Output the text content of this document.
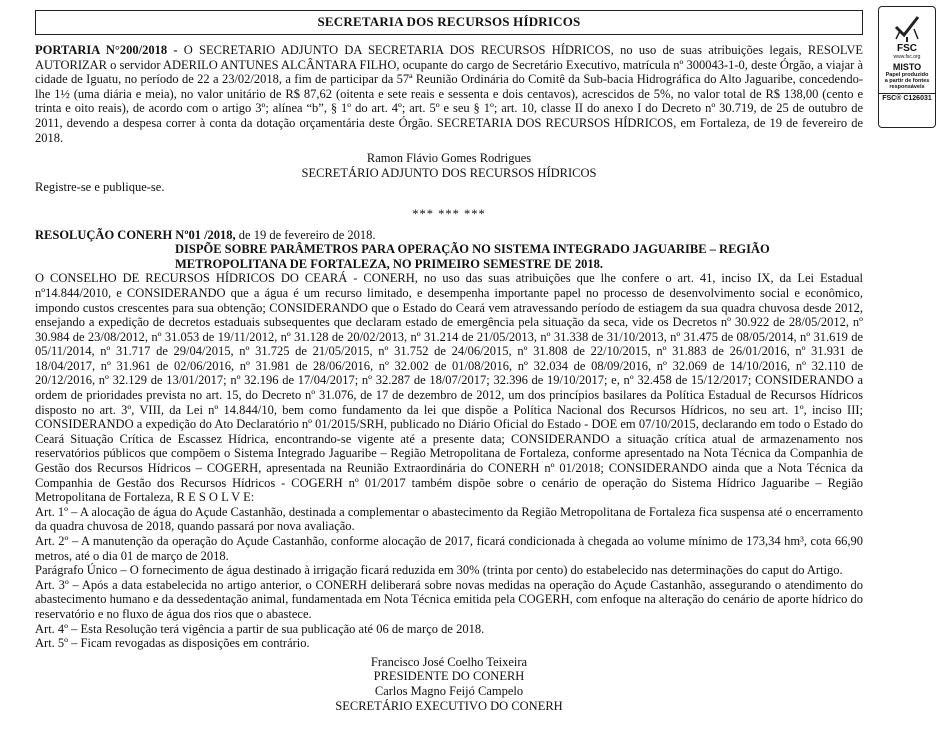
FSC
www.fsc.org
MISTO
Papel produzido
a partir de fontes
responsáveis
FSC® C126031
SECRETARIA DOS RECURSOS HÍDRICOS

PORTARIA N°200/2018 - O SECRETARIO ADJUNTO DA SECRETARIA DOS RECURSOS HÍDRICOS, no uso de suas atribuições legais, RESOLVE AUTORIZAR o servidor ADERILO ANTUNES ALCÂNTARA FILHO, ocupante do cargo de Secretário Executivo, matrícula nº 300043-1-0, deste Órgão, a viajar à cidade de Iguatu, no período de 22 a 23/02/2018, a fim de participar da 57ª Reunião Ordinária do Comitê da Sub-bacia Hidrográfica do Alto Jaguaribe, concedendo-lhe 1½ (uma diária e meia), no valor unitário de R$ 87,62 (oitenta e sete reais e sessenta e dois centavos), acrescidos de 5%, no valor total de R$ 138,00 (cento e trinta e oito reais), de acordo com o artigo 3º; alínea “b”, § 1º do art. 4º; art. 5º e seu § 1º; art. 10, classe II do anexo I do Decreto nº 30.719, de 25 de outubro de 2011, devendo a despesa correr à conta da dotação orçamentária deste Órgão. SECRETARIA DOS RECURSOS HÍDRICOS, em Fortaleza, de 19 de fevereiro de 2018.

Ramon Flávio Gomes Rodrigues

SECRETÁRIO ADJUNTO DOS RECURSOS HÍDRICOS

Registre-se e publique-se.

*** *** ***

RESOLUÇÃO CONERH Nº01 /2018, de 19 de fevereiro de 2018.

DISPÕE SOBRE PARÂMETROS PARA OPERAÇÃO NO SISTEMA INTEGRADO JAGUARIBE – REGIÃO

METROPOLITANA DE FORTALEZA, NO PRIMEIRO SEMESTRE DE 2018.

O CONSELHO DE RECURSOS HÍDRICOS DO CEARÁ - CONERH, no uso das suas atribuições que lhe confere o art. 41, inciso IX, da Lei Estadual nº14.844/2010, e CONSIDERANDO que a água é um recurso limitado, e desempenha importante papel no processo de desenvolvimento social e econômico, impondo custos crescentes para sua obtenção; CONSIDERANDO que o Estado do Ceará vem atravessando período de estiagem da sua quadra chuvosa desde 2012, ensejando a expedição de decretos estaduais subsequentes que declaram estado de emergência pela situação da seca, vide os Decretos nº 30.922 de 28/05/2012, nº 30.984 de 23/08/2012, nº 31.053 de 19/11/2012, nº 31.128 de 20/02/2013, nº 31.214 de 21/05/2013, nº 31.338 de 31/10/2013, nº 31.475 de 08/05/2014, nº 31.619 de 05/11/2014, nº 31.717 de 29/04/2015, nº 31.725 de 21/05/2015, nº 31.752 de 24/06/2015, nº 31.808 de 22/10/2015, nº 31.883 de 26/01/2016, nº 31.931 de 18/04/2017, nº 31.961 de 02/06/2016, nº 31.981 de 28/06/2016, nº 32.002 de 01/08/2016, nº 32.034 de 08/09/2016, nº 32.069 de 14/10/2016, nº 32.110 de 20/12/2016, nº 32.129 de 13/01/2017; nº 32.196 de 17/04/2017; nº 32.287 de 18/07/2017; 32.396 de 19/10/2017; e, nº 32.458 de 15/12/2017; CONSIDERANDO a ordem de prioridades prevista no art. 15, do Decreto nº 31.076, de 17 de dezembro de 2012, um dos princípios basilares da Política Estadual de Recursos Hídricos disposto no art. 3º, VIII, da Lei nº 14.844/10, bem como fundamento da lei que dispõe a Política Nacional dos Recursos Hídricos, no seu art. 1º, inciso III; CONSIDERANDO a expedição do Ato Declaratório nº 01/2015/SRH, publicado no Diário Oficial do Estado - DOE em 07/10/2015, declarando em todo o Estado do Ceará Situação Crítica de Escassez Hídrica, encontrando-se vigente até a presente data; CONSIDERANDO a situação crítica atual de armazenamento nos reservatórios públicos que compõem o Sistema Integrado Jaguaribe – Região Metropolitana de Fortaleza, conforme apresentado na Nota Técnica da Companhia de Gestão dos Recursos Hídricos – COGERH, apresentada na Reunião Extraordinária do CONERH nº 01/2018; CONSIDERANDO ainda que a Nota Técnica da Companhia de Gestão dos Recursos Hídricos - COGERH nº 01/2017 também dispõe sobre o cenário de operação do Sistema Hídrico Jaguaribe – Região Metropolitana de Fortaleza, R E S O L V E:

Art. 1º – A alocação de água do Açude Castanhão, destinada a complementar o abastecimento da Região Metropolitana de Fortaleza fica suspensa até o encerramento da quadra chuvosa de 2018, quando passará por nova avaliação.

Art. 2º – A manutenção da operação do Açude Castanhão, conforme alocação de 2017, ficará condicionada à chegada ao volume mínimo de 173,34 hm³, cota 66,90 metros, até o dia 01 de março de 2018.

Parágrafo Único – O fornecimento de água destinado à irrigação ficará reduzida em 30% (trinta por cento) do estabelecido nas determinações do caput do Artigo.

Art. 3º – Após a data estabelecida no artigo anterior, o CONERH deliberará sobre novas medidas na operação do Açude Castanhão, assegurando o atendimento do abastecimento humano e da dessedentação animal, fundamentada em Nota Técnica emitida pela COGERH, com enfoque na alteração do cenário de aporte hídrico do reservatório e no fluxo de água dos rios que o abastece.

Art. 4º – Esta Resolução terá vigência a partir de sua publicação até 06 de março de 2018.

Art. 5º – Ficam revogadas as disposições em contrário.

Francisco José Coelho Teixeira

PRESIDENTE DO CONERH

Carlos Magno Feijó Campelo

SECRETÁRIO EXECUTIVO DO CONERH
